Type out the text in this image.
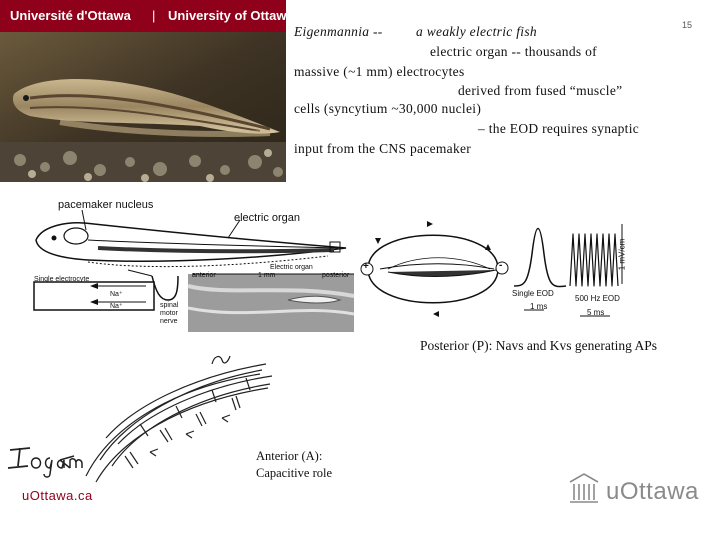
Université d'Ottawa | University of Ottawa
15
Eigenmannia -- a weakly electric fish
electric organ -- thousands of
massive (~1 mm) electrocytes
derived from fused “muscle”
cells (syncytium ~30,000 nuclei)
– the EOD requires synaptic
input from the CNS pacemaker
pacemaker nucleus
electric organ
Single electrocyte
anterior	1 mm
Electric organ
posterior
Na⁺
Na⁺	spinal motor nerve
+	-
Single EOD
1 ms
500 Hz EOD
5 ms
1 mV/cm
Posterior (P): Navs and Kvs generating APs
Anterior (A):
Capacitive role
uOttawa.ca	uOttawa
